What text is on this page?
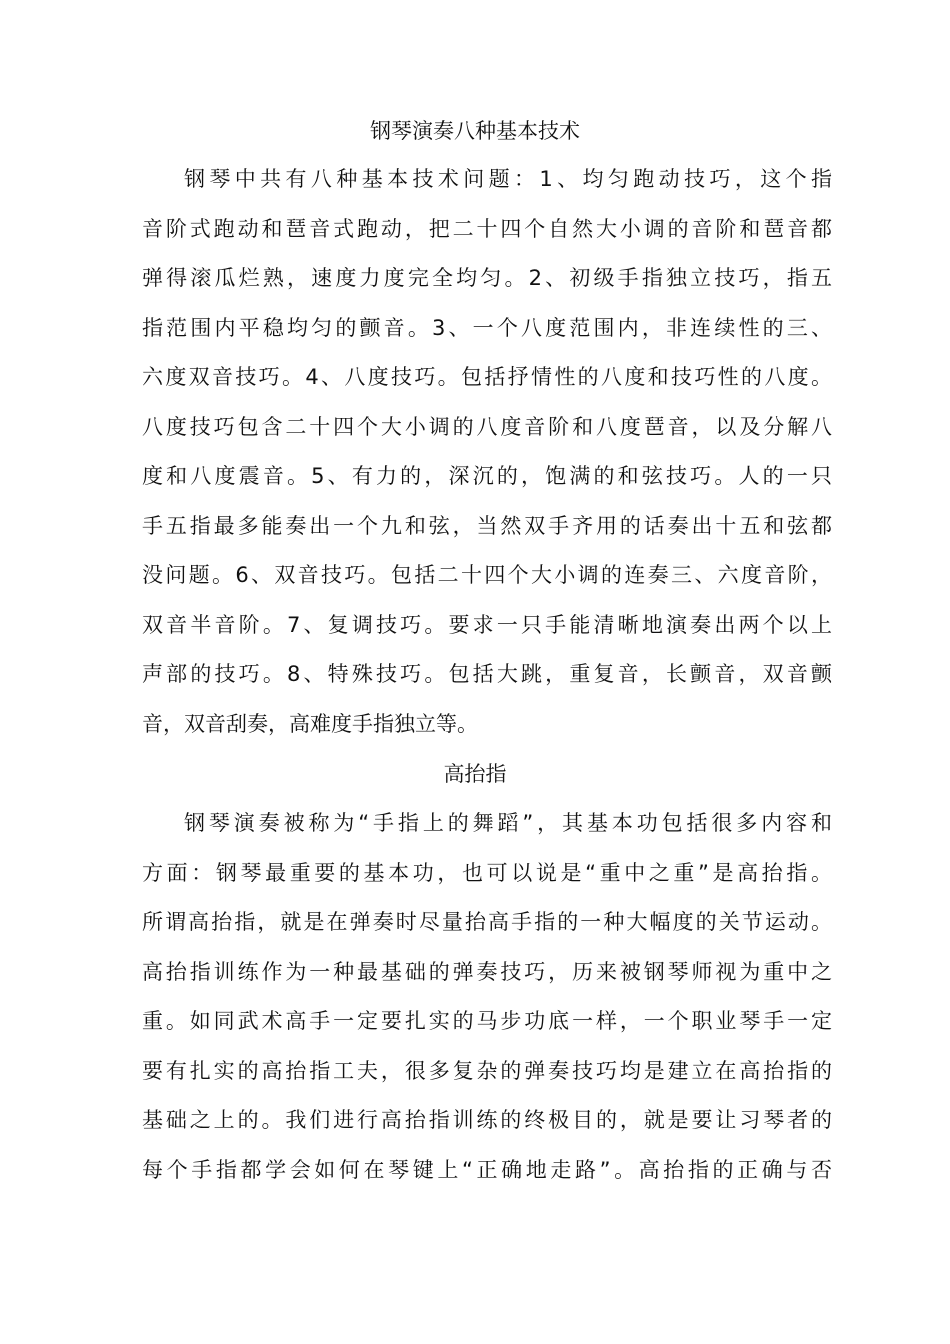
钢琴演奏八种基本技术
钢琴中共有八种基本技术问题：1、均匀跑动技巧，这个指
音阶式跑动和琶音式跑动，把二十四个自然大小调的音阶和琶音都
弹得滚瓜烂熟，速度力度完全均匀。2、初级手指独立技巧，指五
指范围内平稳均匀的颤音。3、一个八度范围内，非连续性的三、
六度双音技巧。4、八度技巧。包括抒情性的八度和技巧性的八度。
八度技巧包含二十四个大小调的八度音阶和八度琶音，以及分解八
度和八度震音。5、有力的，深沉的，饱满的和弦技巧。人的一只
手五指最多能奏出一个九和弦，当然双手齐用的话奏出十五和弦都
没问题。6、双音技巧。包括二十四个大小调的连奏三、六度音阶，
双音半音阶。7、复调技巧。要求一只手能清晰地演奏出两个以上
声部的技巧。8、特殊技巧。包括大跳，重复音，长颤音，双音颤
音，双音刮奏，高难度手指独立等。
高抬指
钢琴演奏被称为“手指上的舞蹈”，其基本功包括很多内容和
方面：钢琴最重要的基本功，也可以说是“重中之重”是高抬指。
所谓高抬指，就是在弹奏时尽量抬高手指的一种大幅度的关节运动。
高抬指训练作为一种最基础的弹奏技巧，历来被钢琴师视为重中之
重。如同武术高手一定要扎实的马步功底一样，一个职业琴手一定
要有扎实的高抬指工夫，很多复杂的弹奏技巧均是建立在高抬指的
基础之上的。我们进行高抬指训练的终极目的，就是要让习琴者的
每个手指都学会如何在琴键上“正确地走路”。高抬指的正确与否
